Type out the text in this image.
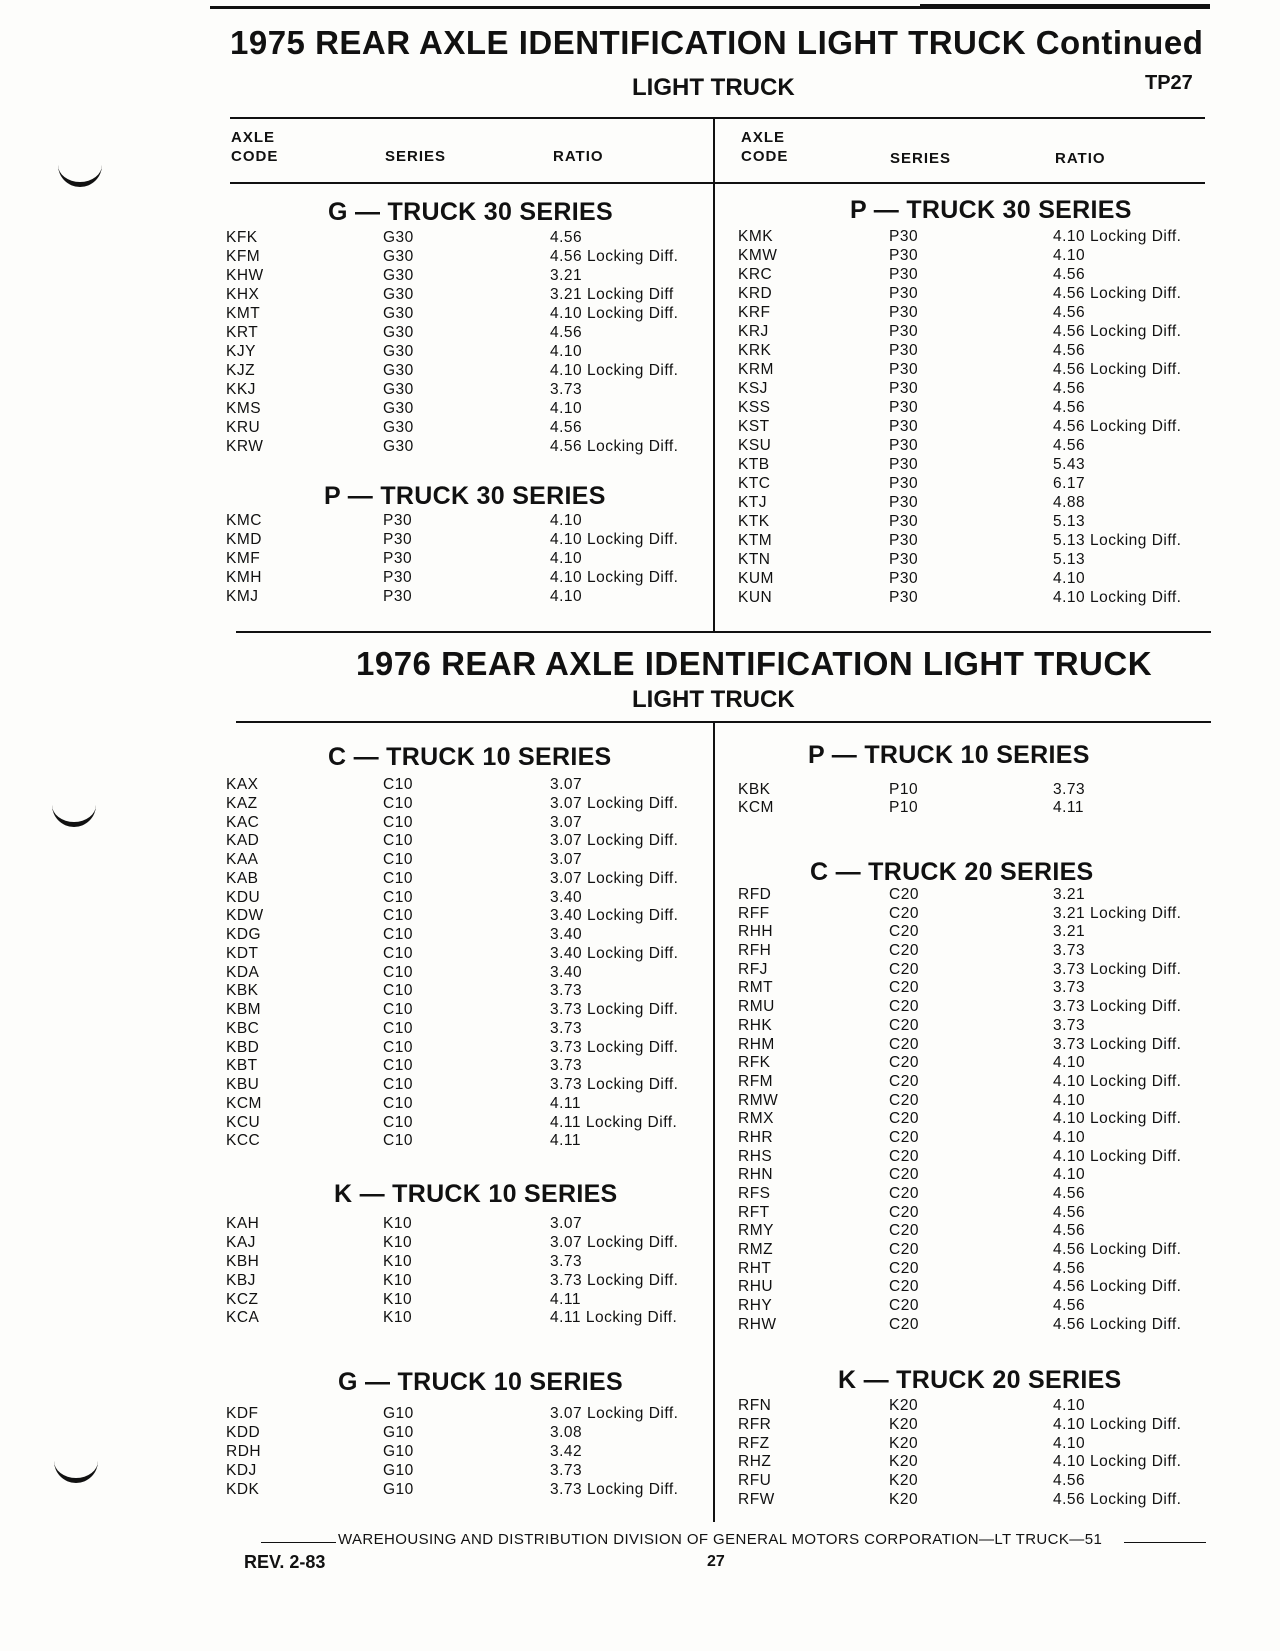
1975 REAR AXLE IDENTIFICATION LIGHT TRUCK Continued
LIGHT TRUCK	TP27
AXLE
CODE	SERIES	RATIO
AXLE
CODE	SERIES	RATIO
1976 REAR AXLE IDENTIFICATION LIGHT TRUCK
LIGHT TRUCK
G — TRUCK 30 SERIES
KFK	G30	4.56
KFM	G30	4.56 Locking Diff.
KHW	G30	3.21
KHX	G30	3.21 Locking Diff
KMT	G30	4.10 Locking Diff.
KRT	G30	4.56
KJY	G30	4.10
KJZ	G30	4.10 Locking Diff.
KKJ	G30	3.73
KMS	G30	4.10
KRU	G30	4.56
KRW	G30	4.56 Locking Diff.
P — TRUCK 30 SERIES
KMC	P30	4.10
KMD	P30	4.10 Locking Diff.
KMF	P30	4.10
KMH	P30	4.10 Locking Diff.
KMJ	P30	4.10
P — TRUCK 30 SERIES
KMK	P30	4.10 Locking Diff.
KMW	P30	4.10
KRC	P30	4.56
KRD	P30	4.56 Locking Diff.
KRF	P30	4.56
KRJ	P30	4.56 Locking Diff.
KRK	P30	4.56
KRM	P30	4.56 Locking Diff.
KSJ	P30	4.56
KSS	P30	4.56
KST	P30	4.56 Locking Diff.
KSU	P30	4.56
KTB	P30	5.43
KTC	P30	6.17
KTJ	P30	4.88
KTK	P30	5.13
KTM	P30	5.13 Locking Diff.
KTN	P30	5.13
KUM	P30	4.10
KUN	P30	4.10 Locking Diff.
C — TRUCK 10 SERIES
KAX	C10	3.07
KAZ	C10	3.07 Locking Diff.
KAC	C10	3.07
KAD	C10	3.07 Locking Diff.
KAA	C10	3.07
KAB	C10	3.07 Locking Diff.
KDU	C10	3.40
KDW	C10	3.40 Locking Diff.
KDG	C10	3.40
KDT	C10	3.40 Locking Diff.
KDA	C10	3.40
KBK	C10	3.73
KBM	C10	3.73 Locking Diff.
KBC	C10	3.73
KBD	C10	3.73 Locking Diff.
KBT	C10	3.73
KBU	C10	3.73 Locking Diff.
KCM	C10	4.11
KCU	C10	4.11 Locking Diff.
KCC	C10	4.11
K — TRUCK 10 SERIES
KAH	K10	3.07
KAJ	K10	3.07 Locking Diff.
KBH	K10	3.73
KBJ	K10	3.73 Locking Diff.
KCZ	K10	4.11
KCA	K10	4.11 Locking Diff.
G — TRUCK 10 SERIES
KDF	G10	3.07 Locking Diff.
KDD	G10	3.08
RDH	G10	3.42
KDJ	G10	3.73
KDK	G10	3.73 Locking Diff.
P — TRUCK 10 SERIES
KBK	P10	3.73
KCM	P10	4.11
C — TRUCK 20 SERIES
RFD	C20	3.21
RFF	C20	3.21 Locking Diff.
RHH	C20	3.21
RFH	C20	3.73
RFJ	C20	3.73 Locking Diff.
RMT	C20	3.73
RMU	C20	3.73 Locking Diff.
RHK	C20	3.73
RHM	C20	3.73 Locking Diff.
RFK	C20	4.10
RFM	C20	4.10 Locking Diff.
RMW	C20	4.10
RMX	C20	4.10 Locking Diff.
RHR	C20	4.10
RHS	C20	4.10 Locking Diff.
RHN	C20	4.10
RFS	C20	4.56
RFT	C20	4.56
RMY	C20	4.56
RMZ	C20	4.56 Locking Diff.
RHT	C20	4.56
RHU	C20	4.56 Locking Diff.
RHY	C20	4.56
RHW	C20	4.56 Locking Diff.
K — TRUCK 20 SERIES
RFN	K20	4.10
RFR	K20	4.10 Locking Diff.
RFZ	K20	4.10
RHZ	K20	4.10 Locking Diff.
RFU	K20	4.56
RFW	K20	4.56 Locking Diff.
WAREHOUSING AND DISTRIBUTION DIVISION OF GENERAL MOTORS CORPORATION—LT TRUCK—51
REV. 2-83	27
